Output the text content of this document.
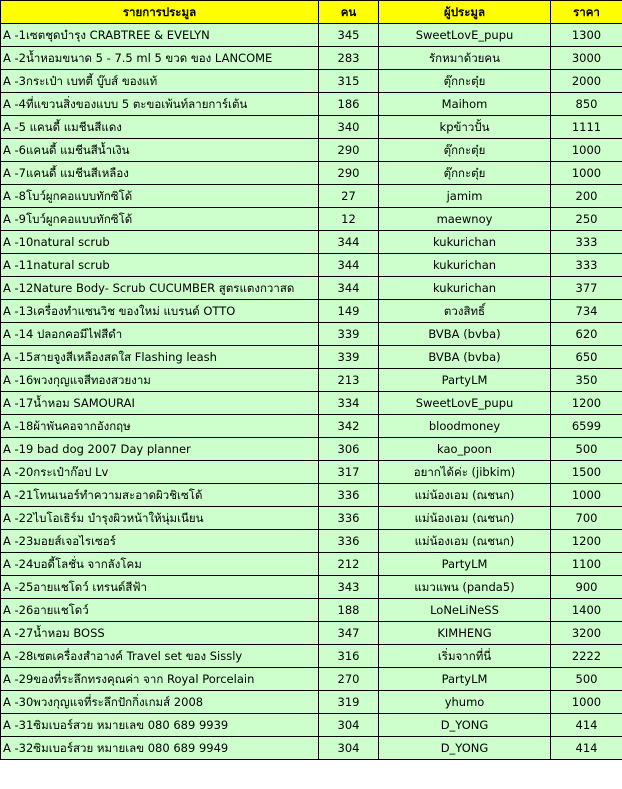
รายการประมูล	คน	ผู้ประมูล	ราคา
A -1เซตชุดบำรุง CRABTREE & EVELYN	345	SweetLovE_pupu	1300
A -2น้ำหอมขนาด 5 - 7.5 ml 5 ขวด ของ LANCOME	283	รักหมาด้วยคน	3000
A -3กระเป๋า เบทตี้ บู๊บส์ ของแท้	315	ตุ๊กกะตุ๋ย	2000
A -4ที่แขวนสิ่งของแบบ 5 ตะขอเพ้นท์ลายการ์เต้น	186	Maihom	850
A -5 แคนดี้ แมชีนสีแดง	340	kpข้าวปั้น	1111
A -6แคนดี้ แมชีนสีน้ำเงิน	290	ตุ๊กกะตุ๋ย	1000
A -7แคนดี้ แมชีนสีเหลือง	290	ตุ๊กกะตุ๋ย	1000
A -8โบว์ผูกคอแบบทักซิโด้	27	jamim	200
A -9โบว์ผูกคอแบบทักซิโด้	12	maewnoy	250
A -10natural scrub	344	kukurichan	333
A -11natural scrub	344	kukurichan	333
A -12Nature Body- Scrub CUCUMBER สูตรแตงกวาสด	344	kukurichan	377
A -13เครื่องทำแซนวิช ของใหม่ แบรนด์ OTTO	149	ตวงสิทธิ์	734
A -14 ปลอกคอมีไฟสีดำ	339	BVBA (bvba)	620
A -15สายจูงสีเหลืองสดใส Flashing leash	339	BVBA (bvba)	650
A -16พวงกุญแจสีทองสวยงาม	213	PartyLM	350
A -17น้ำหอม SAMOURAI	334	SweetLovE_pupu	1200
A -18ผ้าพันคอจากอังกฤษ	342	bloodmoney	6599
A -19 bad dog 2007 Day planner	306	kao_poon	500
A -20กระเป๋าก๊อป Lv	317	อยากได้ค่ะ (jibkim)	1500
A -21โทนเนอร์ทำความสะอาดผิวชิเซโด้	336	แม่น้องเอม (ณชนก)	1000
A -22ไบโอเธิร์ม บำรุงผิวหน้าให้นุ่มเนียน	336	แม่น้องเอม (ณชนก)	700
A -23มอยส์เจอไรเซอร์	336	แม่น้องเอม (ณชนก)	1200
A -24บอดี้โลชั่น จากลังโคม	212	PartyLM	1100
A -25อายแชโดว์ เทรนด์สีฟ้า	343	แมวแพน (panda5)	900
A -26อายแชโดว์	188	LoNeLiNeSS	1400
A -27น้ำหอม BOSS	347	KIMHENG	3200
A -28เซตเครื่องสำอางค์ Travel set ของ Sissly	316	เริ่มจากที่นี่	2222
A -29ของที่ระลึกทรงคุณค่า จาก Royal Porcelain	270	PartyLM	500
A -30พวงกุญแจที่ระลึกปักกิ่งเกมส์ 2008	319	yhumo	1000
A -31ซิมเบอร์สวย หมายเลข 080 689 9939	304	D_YONG	414
A -32ซิมเบอร์สวย หมายเลข 080 689 9949	304	D_YONG	414
